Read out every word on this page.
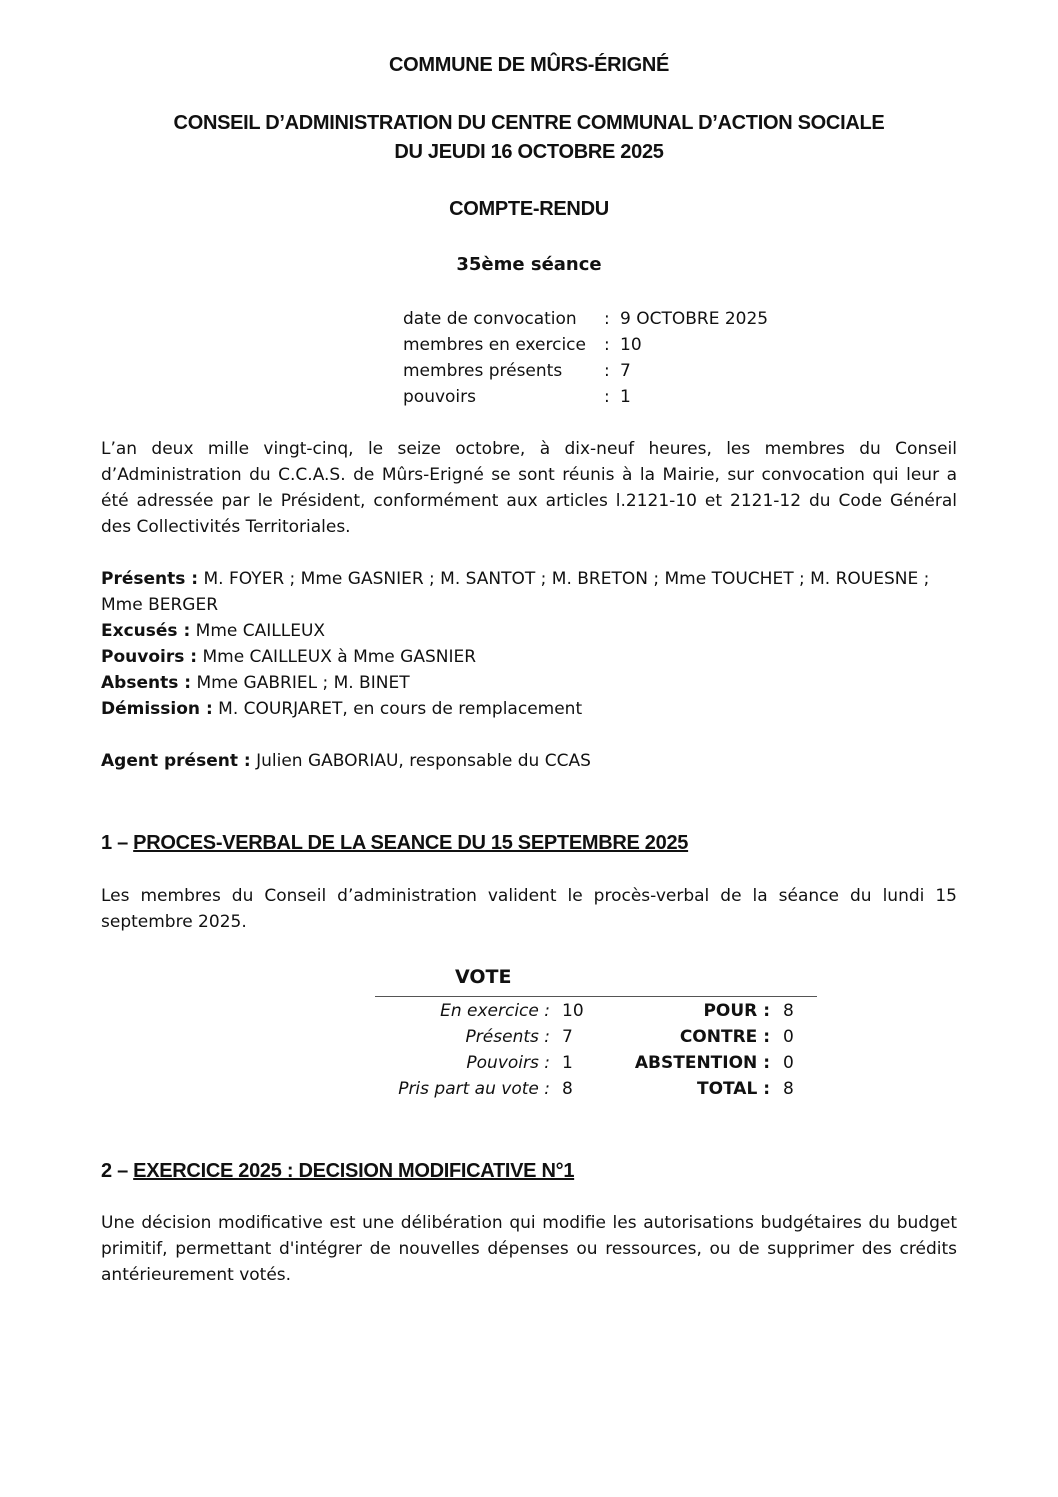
COMMUNE DE MÛRS-ÉRIGNÉ
CONSEIL D’ADMINISTRATION DU CENTRE COMMUNAL D’ACTION SOCIALE
DU JEUDI 16 OCTOBRE 2025
COMPTE-RENDU
35ème séance
date de convocation	: 9 OCTOBRE 2025
membres en exercice	: 10
membres présents	: 7
pouvoirs	: 1
L’an deux mille vingt-cinq, le seize octobre, à dix-neuf heures, les membres du Conseil d’Administration du C.C.A.S. de Mûrs-Erigné se sont réunis à la Mairie, sur convocation qui leur a été adressée par le Président, conformément aux articles l.2121-10 et 2121-12 du Code Général des Collectivités Territoriales.
Présents : M. FOYER ; Mme GASNIER ; M. SANTOT ; M. BRETON ; Mme TOUCHET ; M. ROUESNE ;
Mme BERGER
Excusés : Mme CAILLEUX
Pouvoirs : Mme CAILLEUX à Mme GASNIER
Absents : Mme GABRIEL ; M. BINET
Démission : M. COURJARET, en cours de remplacement
Agent présent : Julien GABORIAU, responsable du CCAS
1 – PROCES-VERBAL DE LA SEANCE DU 15 SEPTEMBRE 2025
Les membres du Conseil d’administration valident le procès-verbal de la séance du lundi 15 septembre 2025.
VOTE
En exercice : 10	POUR : 8
Présents : 7	CONTRE : 0
Pouvoirs : 1	ABSTENTION : 0
Pris part au vote : 8	TOTAL : 8
2 – EXERCICE 2025 : DECISION MODIFICATIVE N°1
Une décision modificative est une délibération qui modifie les autorisations budgétaires du budget primitif, permettant d'intégrer de nouvelles dépenses ou ressources, ou de supprimer des crédits antérieurement votés.
